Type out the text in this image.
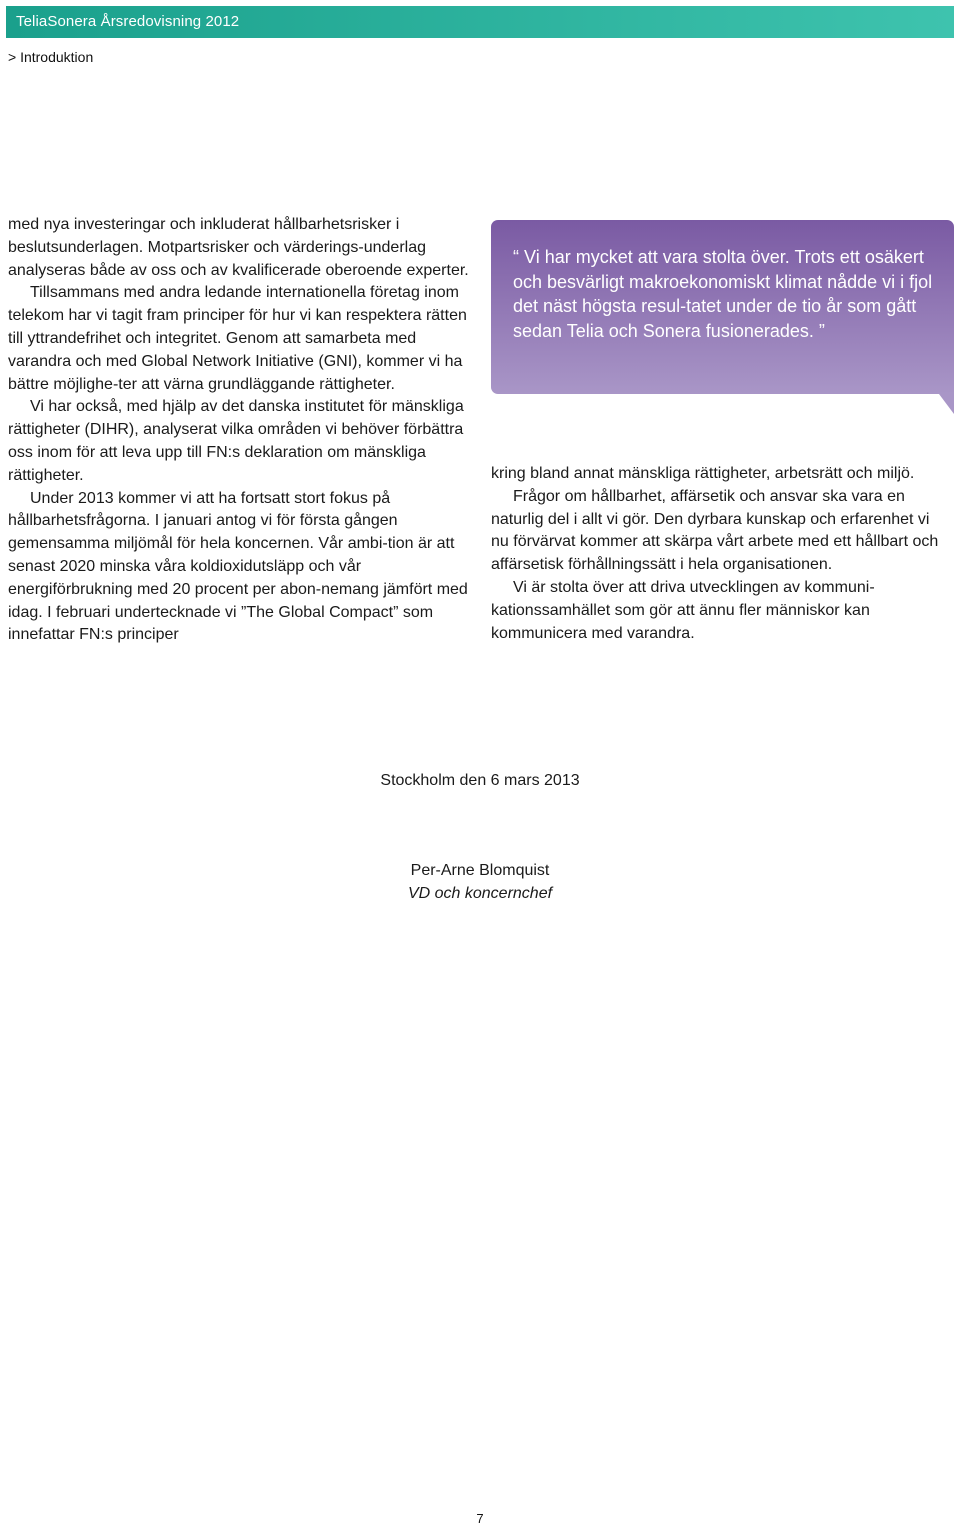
TeliaSonera Årsredovisning 2012
> Introduktion

med nya investeringar och inkluderat hållbarhetsrisker i beslutsunderlagen. Motpartsrisker och värderings-underlag analyseras både av oss och av kvalificerade oberoende experter.

Tillsammans med andra ledande internationella företag inom telekom har vi tagit fram principer för hur vi kan respektera rätten till yttrandefrihet och integritet. Genom att samarbeta med varandra och med Global Network Initiative (GNI), kommer vi ha bättre möjlighe-ter att värna grundläggande rättigheter.

Vi har också, med hjälp av det danska institutet för mänskliga rättigheter (DIHR), analyserat vilka områden vi behöver förbättra oss inom för att leva upp till FN:s deklaration om mänskliga rättigheter.

Under 2013 kommer vi att ha fortsatt stort fokus på hållbarhetsfrågorna. I januari antog vi för första gången gemensamma miljömål för hela koncernen. Vår ambi-tion är att senast 2020 minska våra koldioxidutsläpp och vår energiförbrukning med 20 procent per abon-nemang jämfört med idag. I februari undertecknade vi ”The Global Compact” som innefattar FN:s principer

“ Vi har mycket att vara stolta över. Trots ett osäkert och besvärligt makroekonomiskt klimat nådde vi i fjol det näst högsta resul-tatet under de tio år som gått sedan Telia och Sonera fusionerades. ”

kring bland annat mänskliga rättigheter, arbetsrätt och miljö.

Frågor om hållbarhet, affärsetik och ansvar ska vara en naturlig del i allt vi gör. Den dyrbara kunskap och erfarenhet vi nu förvärvat kommer att skärpa vårt arbete med ett hållbart och affärsetisk förhållningssätt i hela organisationen.

Vi är stolta över att driva utvecklingen av kommuni-kationssamhället som gör att ännu fler människor kan kommunicera med varandra.

Stockholm den 6 mars 2013
Per-Arne Blomquist
VD och koncernchef
7
